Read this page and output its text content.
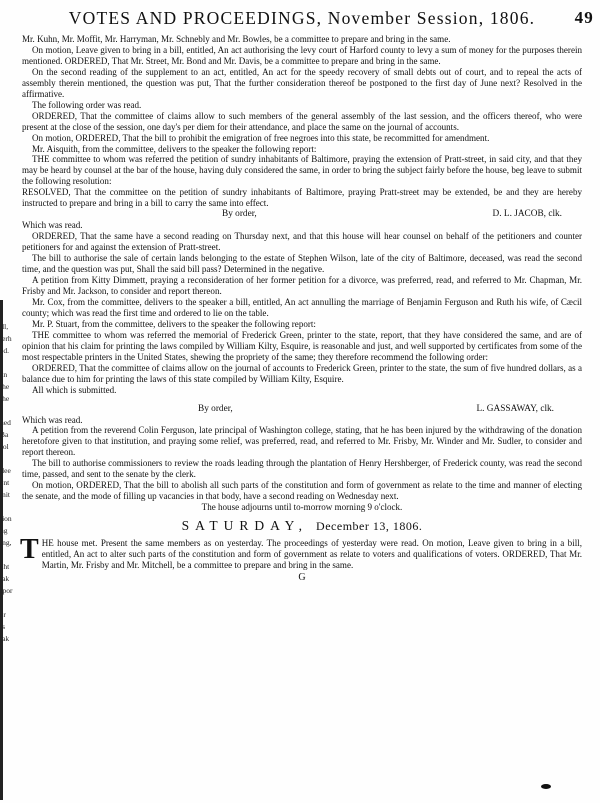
ill,
lerh
ed.
an
the
the
ned
Ba
Jol
tlee
ent
mit
tion
ng
ing,
cht
tak
rpor
er
is
tak
VOTES AND PROCEEDINGS, November Session, 1806. 49

Mr. Kuhn, Mr. Moffit, Mr. Harryman, Mr. Schnebly and Mr. Bowles, be a committee to prepare and bring in the same.

On motion, Leave given to bring in a bill, entitled, An act authorising the levy court of Harford county to levy a sum of money for the purposes therein mentioned. ORDERED, That Mr. Street, Mr. Bond and Mr. Davis, be a committee to prepare and bring in the same.

On the second reading of the supplement to an act, entitled, An act for the speedy recovery of small debts out of court, and to repeal the acts of assembly therein mentioned, the question was put, That the further consideration thereof be postponed to the first day of June next? Resolved in the affirmative.

The following order was read.

ORDERED, That the committee of claims allow to such members of the general assembly of the last session, and the officers thereof, who were present at the close of the session, one day's per diem for their attendance, and place the same on the journal of accounts.

On motion, ORDERED, That the bill to prohibit the emigration of free negroes into this state, be recommitted for amendment.

Mr. Aisquith, from the committee, delivers to the speaker the following report:

THE committee to whom was referred the petition of sundry inhabitants of Baltimore, praying the extension of Pratt-street, in said city, and that they may be heard by counsel at the bar of the house, having duly considered the same, in order to bring the subject fairly before the house, beg leave to submit the following resolution:

RESOLVED, That the committee on the petition of sundry inhabitants of Baltimore, praying Pratt-street may be extended, be and they are hereby instructed to prepare and bring in a bill to carry the same into effect.

By order,	D. L. JACOB, clk.

Which was read.

ORDERED, That the same have a second reading on Thursday next, and that this house will hear counsel on behalf of the petitioners and counter petitioners for and against the extension of Pratt-street.

The bill to authorise the sale of certain lands belonging to the estate of Stephen Wilson, late of the city of Baltimore, deceased, was read the second time, and the question was put, Shall the said bill pass? Determined in the negative.

A petition from Kitty Dimmett, praying a reconsideration of her former petition for a divorce, was preferred, read, and referred to Mr. Chapman, Mr. Frisby and Mr. Jackson, to consider and report thereon.

Mr. Cox, from the committee, delivers to the speaker a bill, entitled, An act annulling the marriage of Benjamin Ferguson and Ruth his wife, of Cæcil county; which was read the first time and ordered to lie on the table.

Mr. P. Stuart, from the committee, delivers to the speaker the following report:

THE committee to whom was referred the memorial of Frederick Green, printer to the state, report, that they have considered the same, and are of opinion that his claim for printing the laws compiled by William Kilty, Esquire, is reasonable and just, and well supported by certificates from some of the most respectable printers in the United States, shewing the propriety of the same; they therefore recommend the following order:

ORDERED, That the committee of claims allow on the journal of accounts to Frederick Green, printer to the state, the sum of five hundred dollars, as a balance due to him for printing the laws of this state compiled by William Kilty, Esquire.

All which is submitted.

By order,	L. GASSAWAY, clk.

Which was read.

A petition from the reverend Colin Ferguson, late principal of Washington college, stating, that he has been injured by the withdrawing of the donation heretofore given to that institution, and praying some relief, was preferred, read, and referred to Mr. Frisby, Mr. Winder and Mr. Sudler, to consider and report thereon.

The bill to authorise commissioners to review the roads leading through the plantation of Henry Hershberger, of Frederick county, was read the second time, passed, and sent to the senate by the clerk.

On motion, ORDERED, That the bill to abolish all such parts of the constitution and form of government as relate to the time and manner of electing the senate, and the mode of filling up vacancies in that body, have a second reading on Wednesday next.

The house adjourns until to-morrow morning 9 o'clock.

SATURDAY, December 13, 1806.

THE house met. Present the same members as on yesterday. The proceedings of yesterday were read. On motion, Leave given to bring in a bill, entitled, An act to alter such parts of the constitution and form of government as relate to voters and qualifications of voters. ORDERED, That Mr. Martin, Mr. Frisby and Mr. Mitchell, be a committee to prepare and bring in the same.

G
